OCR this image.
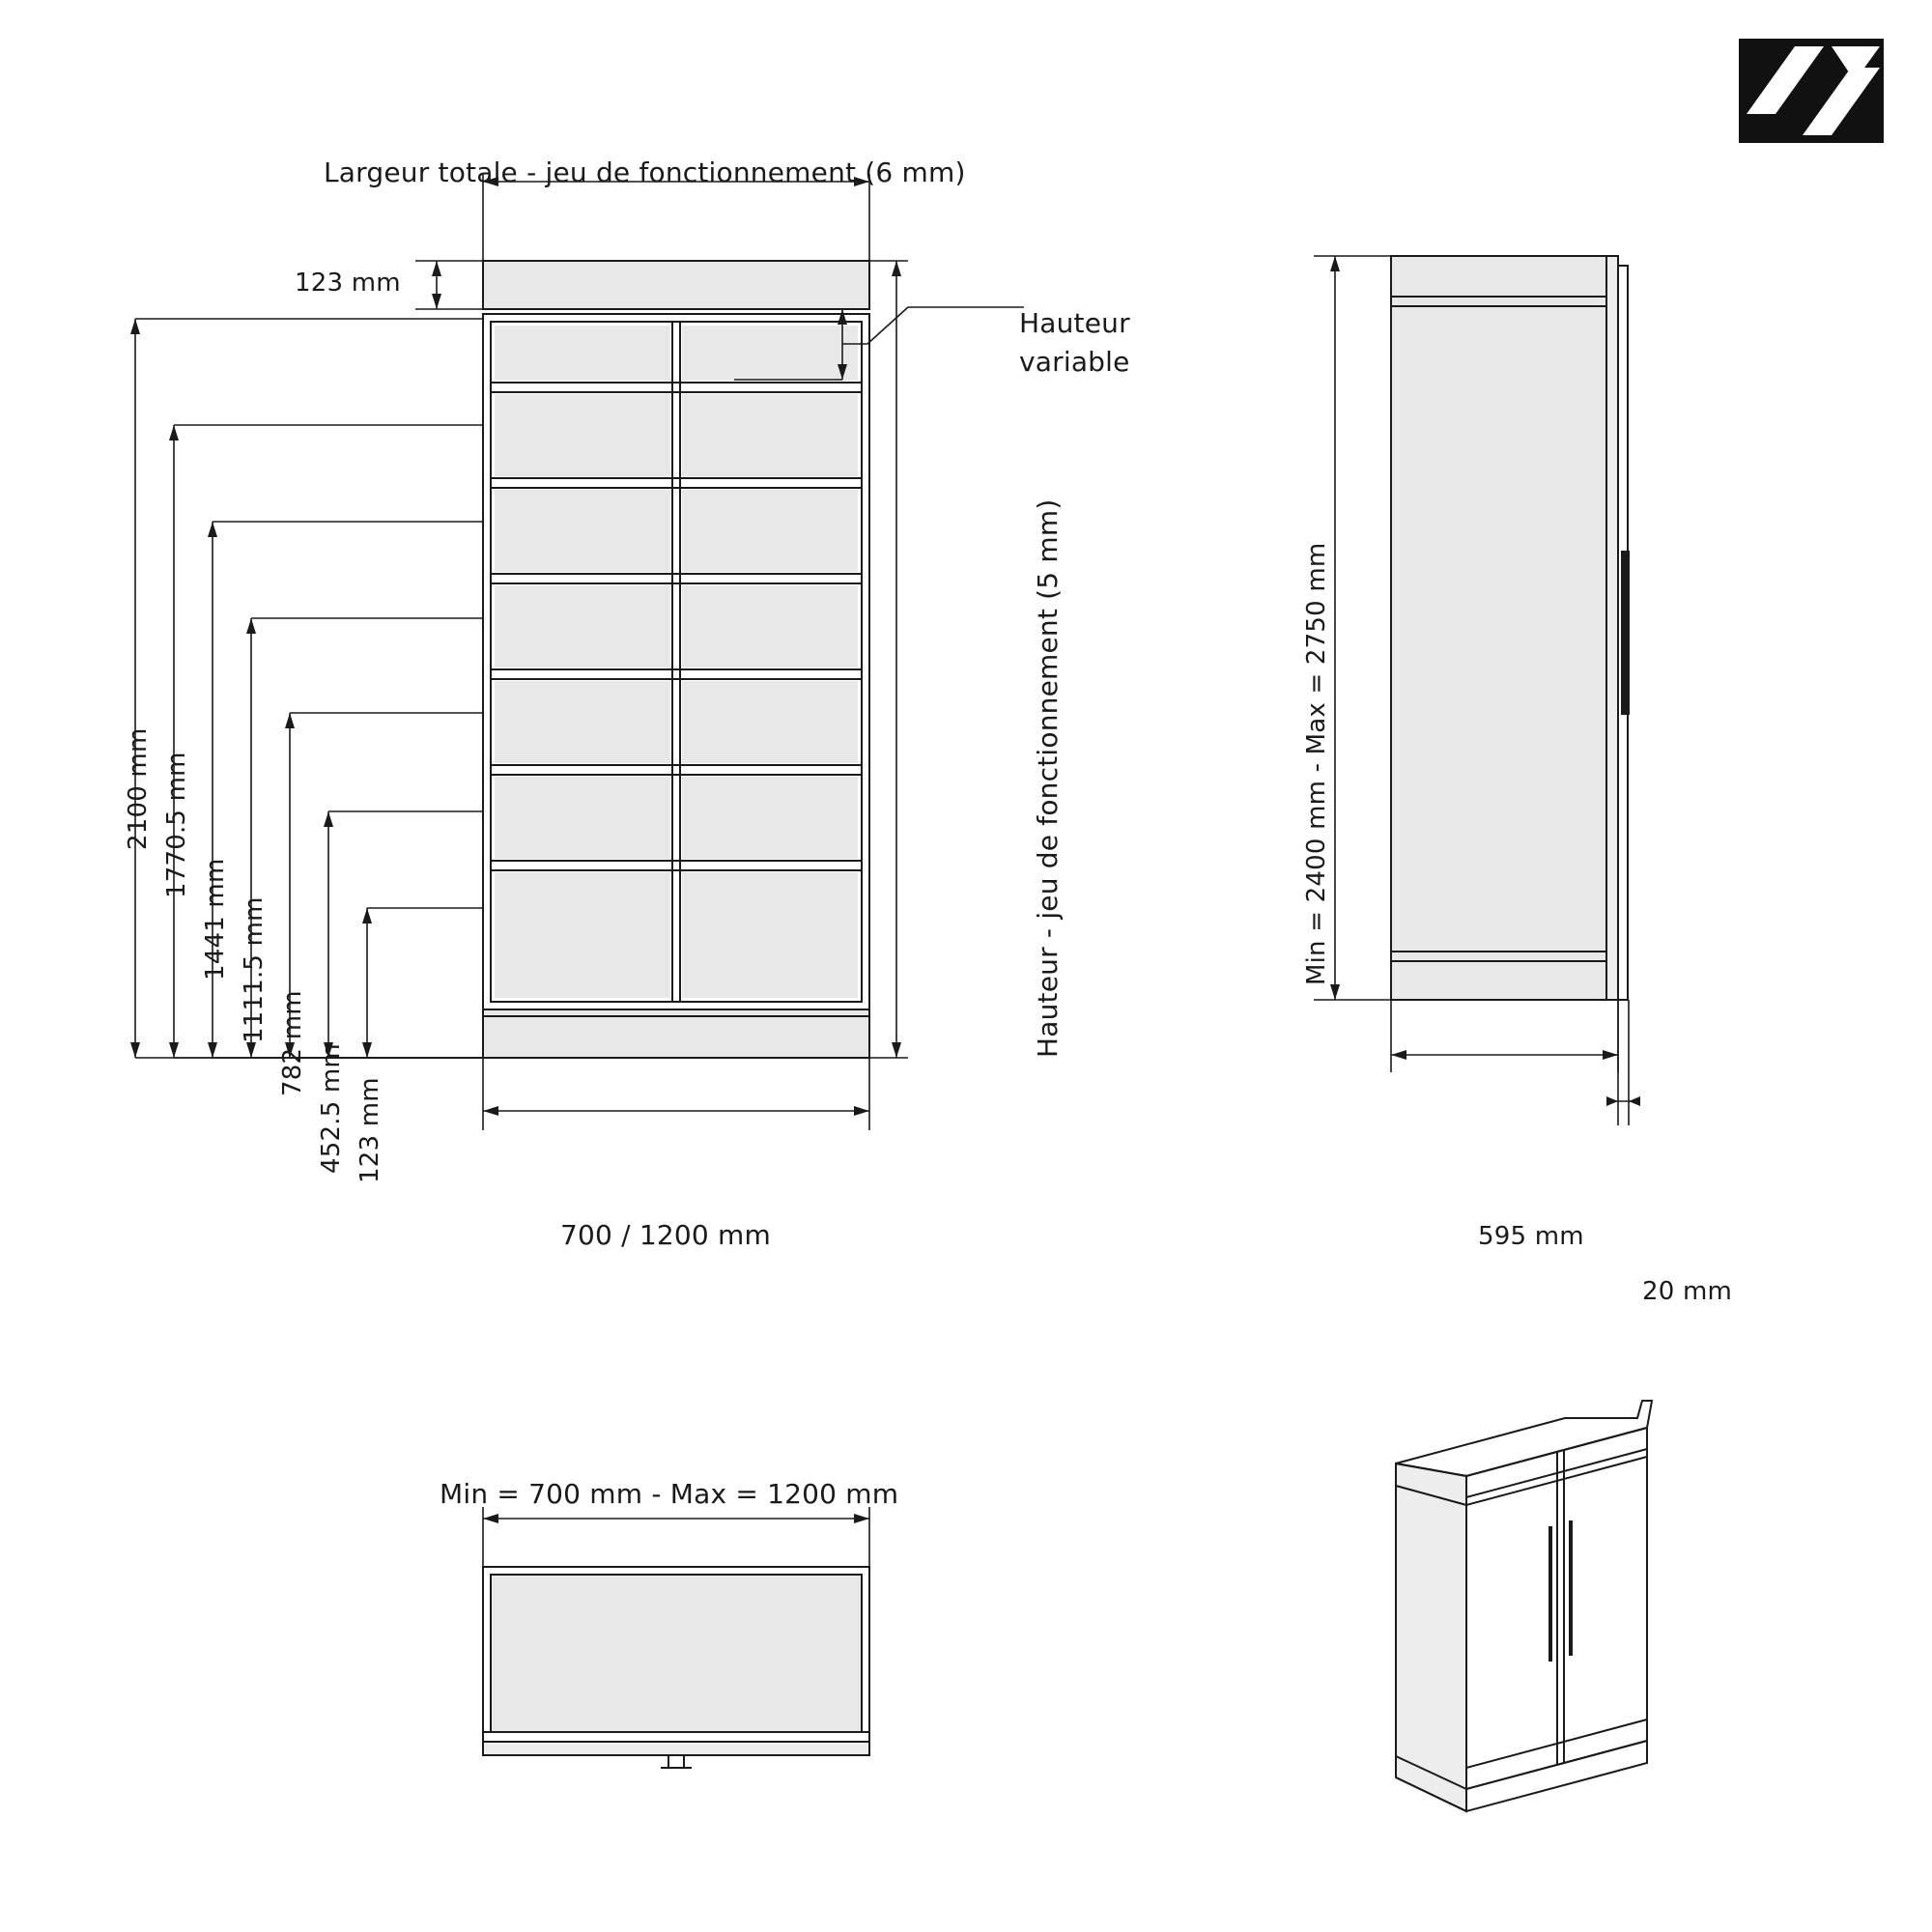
Largeur totale - jeu de fonctionnement (6 mm)
123 mm
Hauteur
variable
Hauteur - jeu de fonctionnement (5 mm)
700 / 1200 mm
2100 mm 1770.5 mm
1441 mm 1111.5 mm
782 mm 452.5 mm 123 mm
Min = 2400 mm - Max = 2750 mm
595 mm
20 mm
Min = 700 mm - Max = 1200 mm
